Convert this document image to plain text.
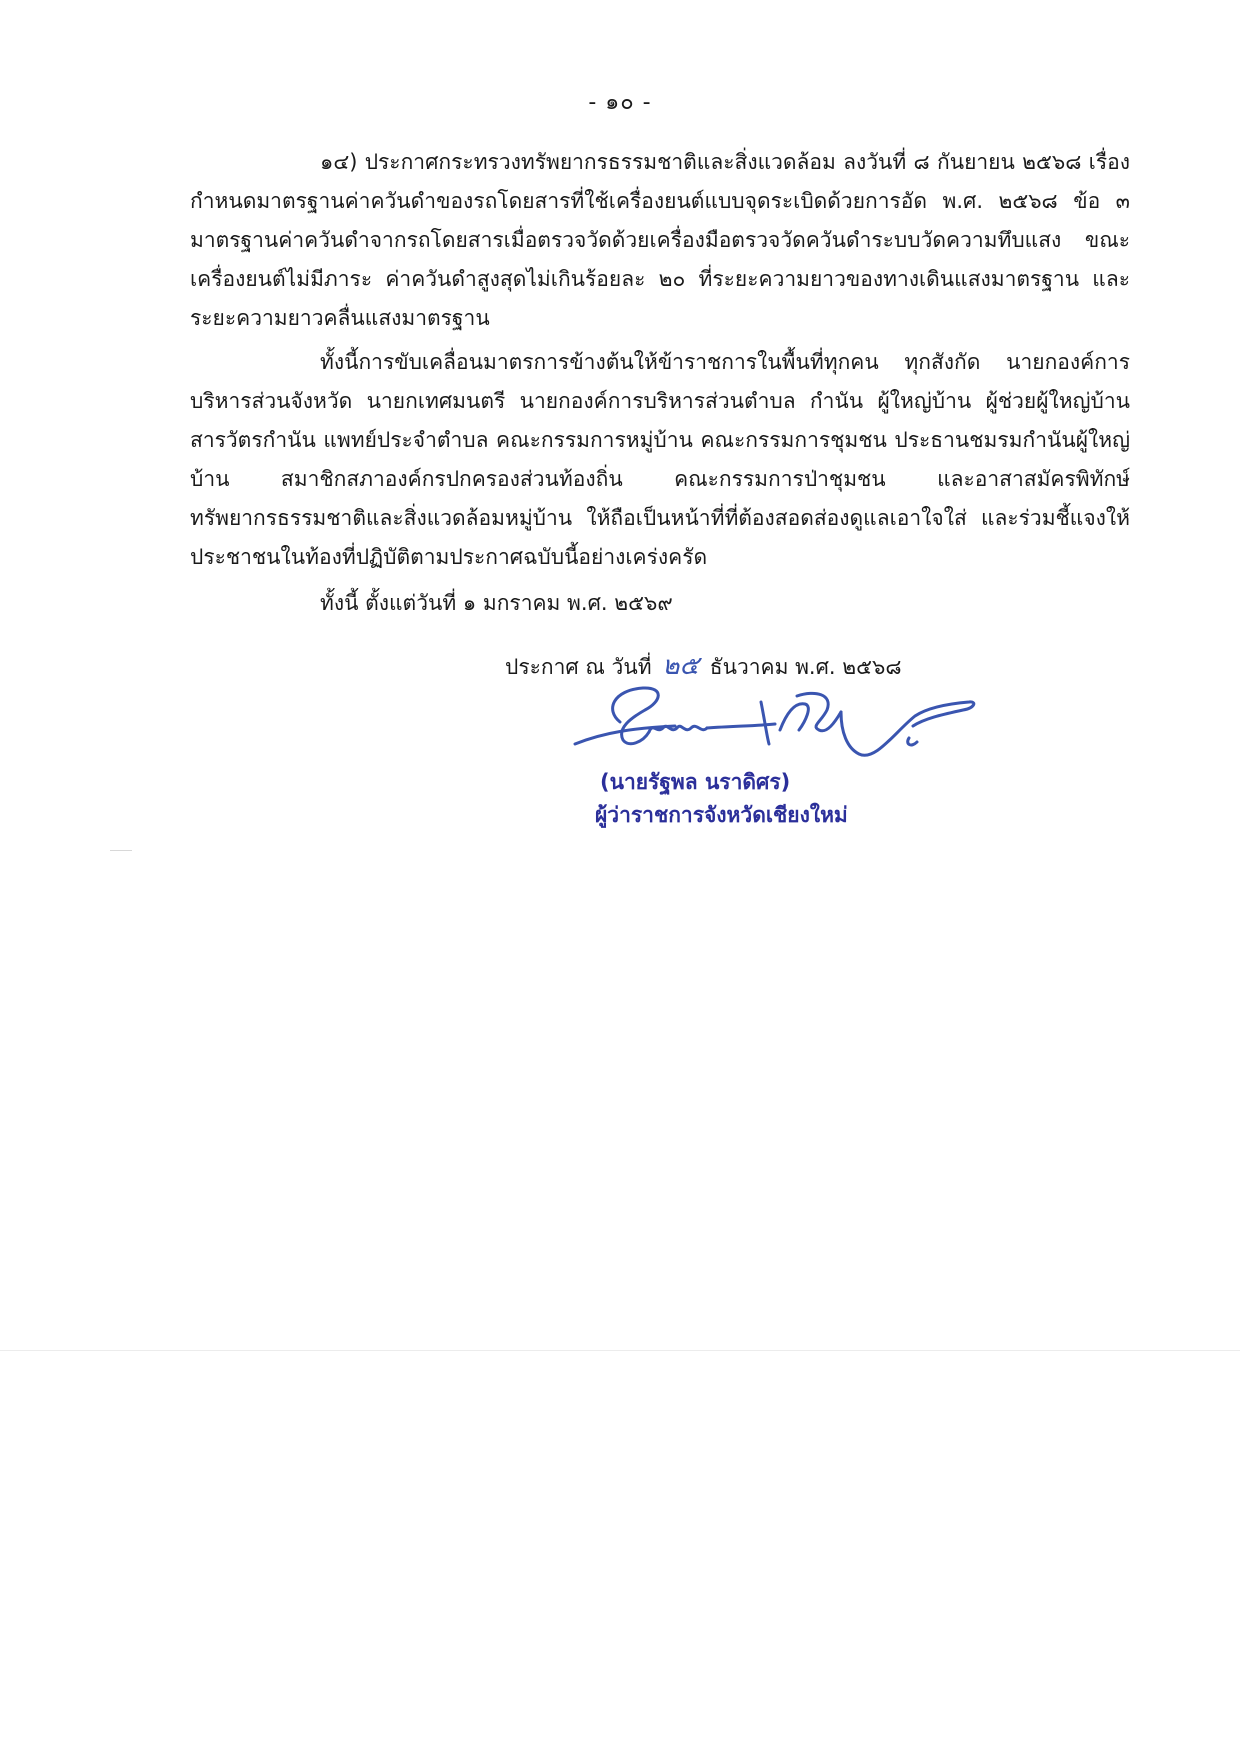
- ๑๐ -

๑๔) ประกาศกระทรวงทรัพยากรธรรมชาติและสิ่งแวดล้อม ลงวันที่ ๘ กันยายน ๒๕๖๘ เรื่อง กำหนดมาตรฐานค่าควันดำของรถโดยสารที่ใช้เครื่องยนต์แบบจุดระเบิดด้วยการอัด พ.ศ. ๒๕๖๘ ข้อ ๓ มาตรฐานค่าควันดำจากรถโดยสารเมื่อตรวจวัดด้วยเครื่องมือตรวจวัดควันดำระบบวัดความทึบแสง ขณะเครื่องยนต์ไม่มีภาระ ค่าควันดำสูงสุดไม่เกินร้อยละ ๒๐ ที่ระยะความยาวของทางเดินแสงมาตรฐาน และระยะความยาวคลื่นแสงมาตรฐาน

ทั้งนี้การขับเคลื่อนมาตรการข้างต้นให้ข้าราชการในพื้นที่ทุกคน ทุกสังกัด นายกองค์การบริหารส่วนจังหวัด นายกเทศมนตรี นายกองค์การบริหารส่วนตำบล กำนัน ผู้ใหญ่บ้าน ผู้ช่วยผู้ใหญ่บ้าน สารวัตรกำนัน แพทย์ประจำตำบล คณะกรรมการหมู่บ้าน คณะกรรมการชุมชน ประธานชมรมกำนันผู้ใหญ่บ้าน สมาชิกสภาองค์กรปกครองส่วนท้องถิ่น คณะกรรมการป่าชุมชน และอาสาสมัครพิทักษ์ทรัพยากรธรรมชาติและสิ่งแวดล้อมหมู่บ้าน ให้ถือเป็นหน้าที่ที่ต้องสอดส่องดูแลเอาใจใส่ และร่วมชี้แจงให้ประชาชนในท้องที่ปฏิบัติตามประกาศฉบับนี้อย่างเคร่งครัด

ทั้งนี้ ตั้งแต่วันที่ ๑ มกราคม พ.ศ. ๒๕๖๙

ประกาศ ณ วันที่ ๒๕ ธันวาคม พ.ศ. ๒๕๖๘
(นายรัฐพล นราดิศร)
ผู้ว่าราชการจังหวัดเชียงใหม่
